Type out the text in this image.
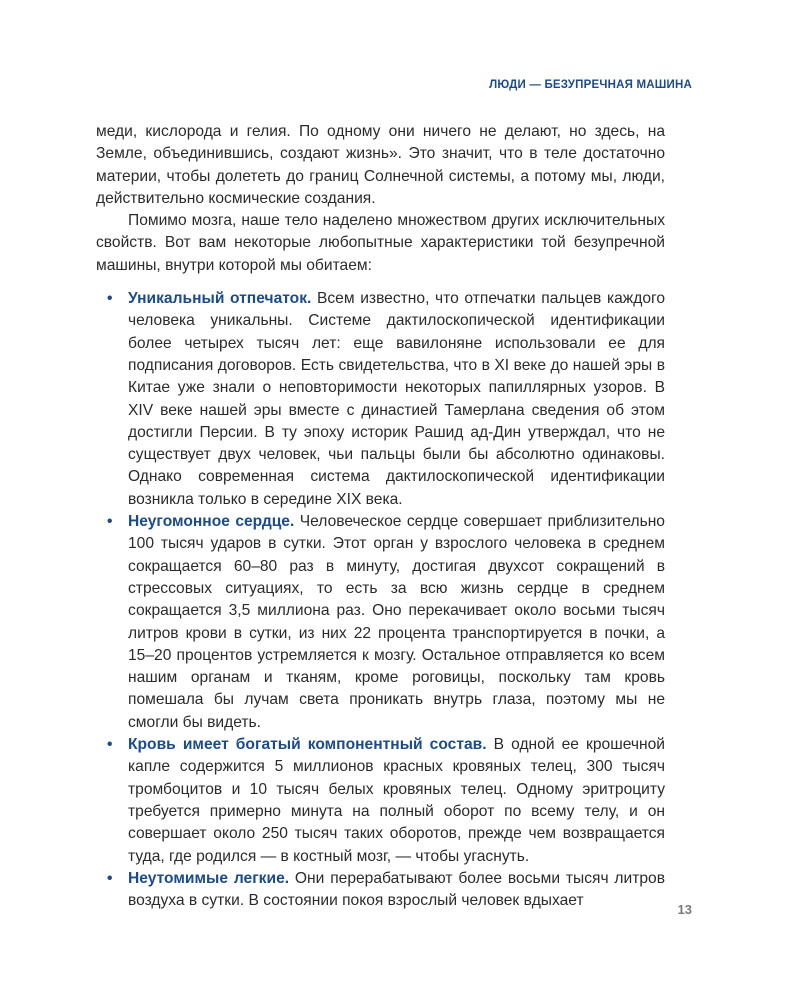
ЛЮДИ — БЕЗУПРЕЧНАЯ МАШИНА

меди, кислорода и гелия. По одному они ничего не делают, но здесь, на Земле, объединившись, создают жизнь». Это значит, что в теле достаточно материи, чтобы долететь до границ Солнечной системы, а потому мы, люди, действительно космические создания.

Помимо мозга, наше тело наделено множеством других исключительных свойств. Вот вам некоторые любопытные характеристики той безупречной машины, внутри которой мы обитаем:

• Уникальный отпечаток. Всем известно, что отпечатки пальцев каждого человека уникальны. Системе дактилоскопической идентификации более четырех тысяч лет: еще вавилоняне использовали ее для подписания договоров. Есть свидетельства, что в XI веке до нашей эры в Китае уже знали о неповторимости некоторых папиллярных узоров. В XIV веке нашей эры вместе с династией Тамерлана сведения об этом достигли Персии. В ту эпоху историк Рашид ад-Дин утверждал, что не существует двух человек, чьи пальцы были бы абсолютно одинаковы. Однако современная система дактилоскопической идентификации возникла только в середине XIX века.
• Неугомонное сердце. Человеческое сердце совершает приблизительно 100 тысяч ударов в сутки. Этот орган у взрослого человека в среднем сокращается 60–80 раз в минуту, достигая двухсот сокращений в стрессовых ситуациях, то есть за всю жизнь сердце в среднем сокращается 3,5 миллиона раз. Оно перекачивает около восьми тысяч литров крови в сутки, из них 22 процента транспортируется в почки, а 15–20 процентов устремляется к мозгу. Остальное отправляется ко всем нашим органам и тканям, кроме роговицы, поскольку там кровь помешала бы лучам света проникать внутрь глаза, поэтому мы не смогли бы видеть.
• Кровь имеет богатый компонентный состав. В одной ее крошечной капле содержится 5 миллионов красных кровяных телец, 300 тысяч тромбоцитов и 10 тысяч белых кровяных телец. Одному эритроциту требуется примерно минута на полный оборот по всему телу, и он совершает около 250 тысяч таких оборотов, прежде чем возвращается туда, где родился — в костный мозг, — чтобы угаснуть.
• Неутомимые легкие. Они перерабатывают более восьми тысяч литров воздуха в сутки. В состоянии покоя взрослый человек вдыхает
13
